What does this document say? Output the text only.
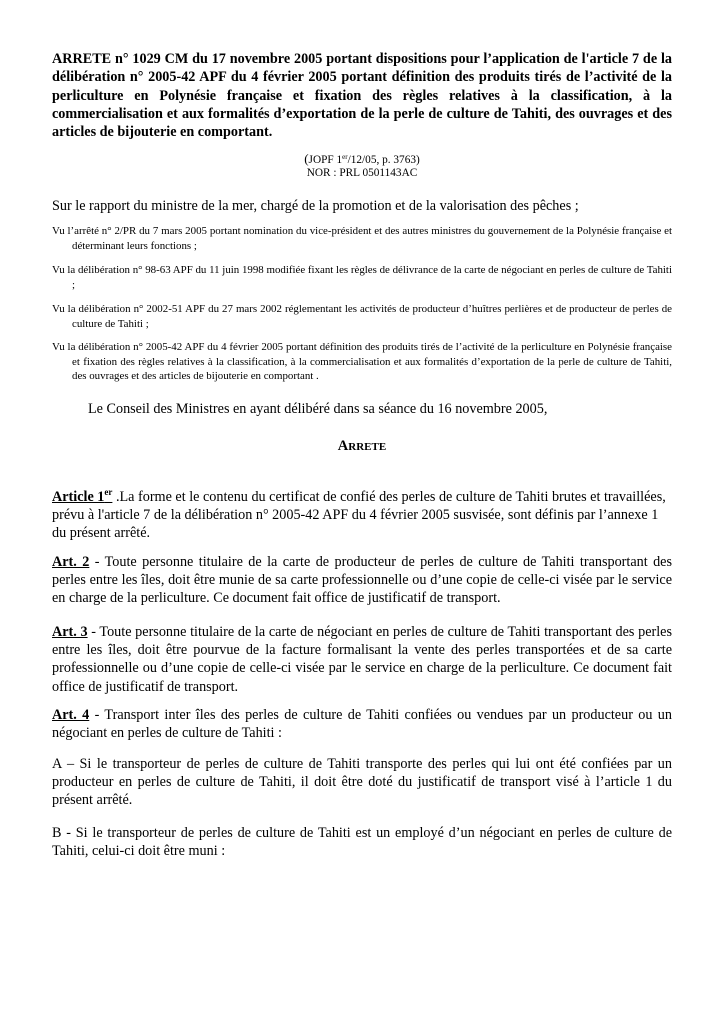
ARRETE n° 1029 CM du 17 novembre 2005 portant dispositions pour l’application de l'article 7 de la délibération n° 2005-42 APF du 4 février 2005 portant définition des produits tirés de l’activité de la perliculture en Polynésie française et fixation des règles relatives à la classification, à la commercialisation et aux formalités d’exportation de la perle de culture de Tahiti, des ouvrages et des articles de bijouterie en comportant.

(JOPF 1er/12/05, p. 3763)
NOR : PRL 0501143AC

Sur le rapport du ministre de la mer, chargé de la promotion et de la valorisation des pêches ;

Vu l’arrêté n° 2/PR du 7 mars 2005 portant nomination du vice-président et des autres ministres du gouvernement de la Polynésie française et déterminant leurs fonctions ;

Vu la délibération n° 98-63 APF du 11 juin 1998 modifiée fixant les règles de délivrance de la carte de négociant en perles de culture de Tahiti ;

Vu la délibération n° 2002-51 APF du 27 mars 2002 réglementant les activités de producteur d’huîtres perlières et de producteur de perles de culture de Tahiti ;

Vu la délibération n° 2005-42 APF du 4 février 2005 portant définition des produits tirés de l’activité de la perliculture en Polynésie française et fixation des règles relatives à la classification, à la commercialisation et aux formalités d’exportation de la perle de culture de Tahiti, des ouvrages et des articles de bijouterie en comportant .

Le Conseil des Ministres en ayant délibéré dans sa séance du 16 novembre 2005,

ARRETE

Article 1er .La forme et le contenu du certificat de confié des perles de culture de Tahiti brutes et travaillées, prévu à l'article 7 de la délibération n° 2005-42 APF du 4 février 2005 susvisée, sont définis par l’annexe 1 du présent arrêté.

Art. 2 - Toute personne titulaire de la carte de producteur de perles de culture de Tahiti transportant des perles entre les îles, doit être munie de sa carte professionnelle ou d’une copie de celle-ci visée par le service en charge de la perliculture. Ce document fait office de justificatif de transport.

Art. 3 - Toute personne titulaire de la carte de négociant en perles de culture de Tahiti transportant des perles entre les îles, doit être pourvue de la facture formalisant la vente des perles transportées et de sa carte professionnelle ou d’une copie de celle-ci visée par le service en charge de la perliculture. Ce document fait office de justificatif de transport.

Art. 4 - Transport inter îles des perles de culture de Tahiti confiées ou vendues par un producteur ou un négociant en perles de culture de Tahiti :

A – Si le transporteur de perles de culture de Tahiti transporte des perles qui lui ont été confiées par un producteur en perles de culture de Tahiti, il doit être doté du justificatif de transport visé à l’article 1 du présent arrêté.

B - Si le transporteur de perles de culture de Tahiti est un employé d’un négociant en perles de culture de Tahiti, celui-ci doit être muni :
